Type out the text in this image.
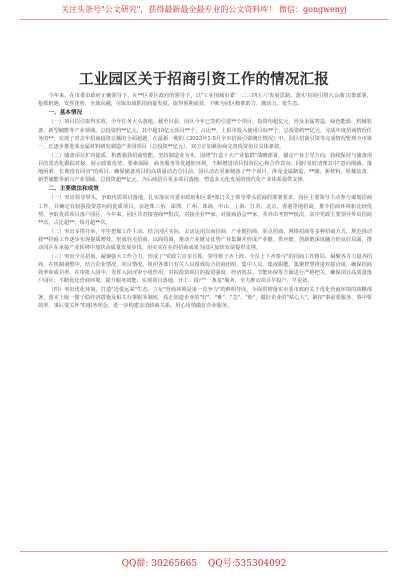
关注头条号"公文研究"，获得最新最全最专业的公文资料库！ 微信：gongwenyj
工业园区关于招商引资工作的情况汇报

今年来，在市委市政府正确领导下，在**区委区政府的领导下，以"工业围城市委'一二三四五六'发展思路，落实'招商引资大会战'决策部署，抢抓机遇，发挥优势，全域东融，尽锐出战抓招商促发展，取得预期成效，不断为园区精准助力、激活力、优生态。

一、基本情况

（一）项目招引取得实效，全年任务大头落地。截至目前，园区今年已签约引进**个项目，投资均超亿元，涉及金属智造、绿色能源、机械装备、新型储能等产业领域，总投资约**亿元，其中超10亿元项目**个，占比**，上报市投入使用目标**个，总投资约**亿元，完成年度招商情况任务的**；实现了对去年招商投资总额的全面超越，在最新一期的《2023年1-5月全市招商引资统计情况》中，园区招商引资等完成情况暂列全市第一，正逐步推进某金属材料研发制造产业园项目（总投资**亿元），双方正加紧协商完善投资协议具体条款。

（二）储备项目扩容提质，积蓄强劲招商势能。坚持制造业为本，围绕"打造十大产业集群"战略部署，锚定产业主导方向，持续保持与储备项目的常态化跟踪对接，展示政策优势、要素保障、商务服务等优越软环境，不断增进项目投资信心和合作意向；同时及时清理其中"意向削减、落地困难、长期没有回应"的项目，确保储备项目的高质量动态分目前，园区动态更新储备了**个项目，涉及金属制造、**储、新材料、机械装备、新型储能等新兴产业领域，总投资超**亿元，为后续招引更多项目落地、塑造多元化发展的现代化产业体系提供支撑。

二、主要做法和成效

（一）突出领导带头，争取优质项目落地。扎实落实市委市政府和区委*部门关于领导带头招商的部署要求，园区主要领导主动参与谋划招商工作，并确定有较强投资意向的优质项目，亲赴珠三角、深圳、广州、珠海、中山、上海、江苏、北京、香港等地招商，推介招商环境和比较优势，争取优质项目落户园区，今年来，园区共对接客商**批次，对接企业**家，对接商协会**家，共外出考察**批次，其中党政主要领导外出招商**次，占比超**，每月超**次。

（二）突出多措并举，牢牢把握工作主动。结合园区实际，灵活运用以商招商、产业链招商、驻点招商、网络招商等多种招商方式，规范推动我**招商工作逐步实现提质增效，形成驻点招商、以商招商，推动产业链及优势产业集聚并形成产业链、供应链、创新链深度融合的良好局面，推动园区在承接产业转移中加快高质量发展步伐，用实实在在的招商成果为园区加快发展提供支撑。

（三）突出全员招商，凝聚强大工作合力。形成了"党政主官亲自抓、领导班子齐上阵、全员上下齐参与"的招商工作格局，凝聚各方力量齐招商。在机制调整中，结合企业情况、项目情况，组织各部门有关人员组成综合招商团组，集中人员、集成职能、集聚智慧推进对接洽谈，确保招商效率和成功率。在审批入园中，发挥入园评审小组作用，对拟投资项目的投资强度、经济效益、节能环保等方面进行严格把关，确保项目高质量落户园区，不断优化营商环境，提升服务效能，实现项目落地、开工、投产"一条龙"服务，全力推动项目早投产、早见效。

（四）突出优化环境，打造"近悦远来"生态。立足"营商环境是第一竞争力"的鲜明导向，全面贯彻落实市委市政府关于优化营商环境的战略部署，落实上级一揽子稳经济措施及相关办事服务制度，真正知道企业的"好"、"难"、"急"、"盼"，做好企业的"贴心人"。紧扣"事前要服务、事中要效率、事后要关怀"的服务理念，进一步构建亲清政商关系，用心用情做好企业服务。

QQ群: 30265665 QQ号:535304092
